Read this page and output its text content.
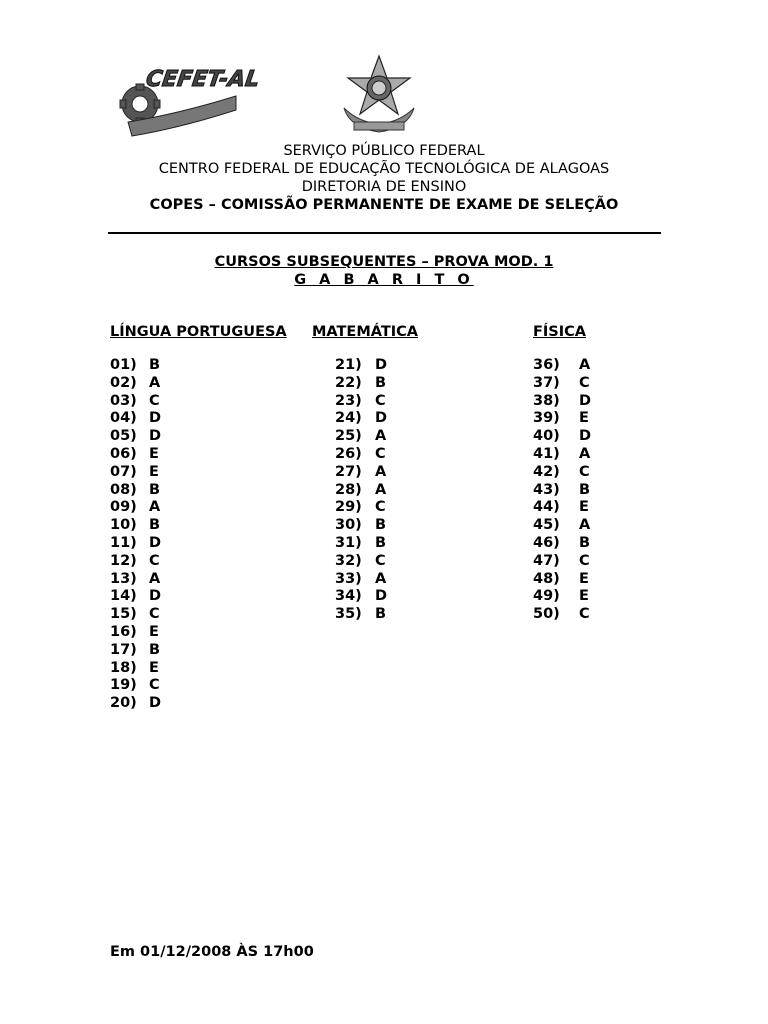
CEFET-AL
SERVIÇO PÚBLICO FEDERAL
CENTRO FEDERAL DE EDUCAÇÃO TECNOLÓGICA DE ALAGOAS
DIRETORIA DE ENSINO
COPES – COMISSÃO PERMANENTE DE EXAME DE SELEÇÃO
CURSOS SUBSEQUENTES – PROVA MOD. 1
G A B A R I T O
LÍNGUA PORTUGUESA
01) B
02) A
03) C
04) D
05) D
06) E
07) E
08) B
09) A
10) B
11) D
12) C
13) A
14) D
15) C
16) E
17) B
18) E
19) C
20) D
MATEMÁTICA
21) D
22) B
23) C
24) D
25) A
26) C
27) A
28) A
29) C
30) B
31) B
32) C
33) A
34) D
35) B
FÍSICA
36) A
37) C
38) D
39) E
40) D
41) A
42) C
43) B
44) E
45) A
46) B
47) C
48) E
49) E
50) C
Em 01/12/2008 ÀS 17h00
